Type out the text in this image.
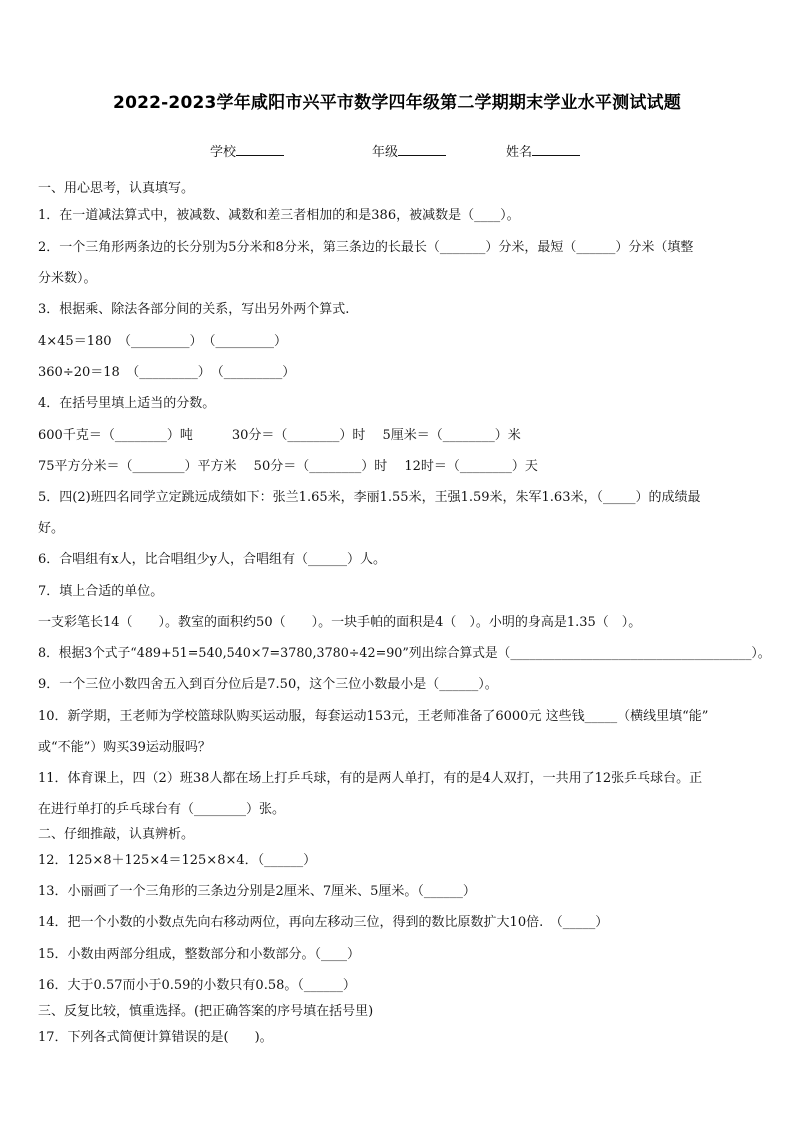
2022-2023学年咸阳市兴平市数学四年级第二学期期末学业水平测试试题
学校	年级	姓名
一、用心思考，认真填写。
1．在一道减法算式中，被减数、减数和差三者相加的和是386，被减数是（____）。
2．一个三角形两条边的长分别为5分米和8分米，第三条边的长最长（_______）分米，最短（______）分米（填整
分米数）。
3．根据乘、除法各部分间的关系，写出另外两个算式.
4×45＝180　（_________）　（_________）
360÷20＝18　（_________）　（_________）
4．在括号里填上适当的分数。
600千克＝（________）吨　　　30分＝（________）时　 5厘米＝（________）米
75平方分米＝（________）平方米　 50分＝（________）时　 12时＝（________）天
5．四(2)班四名同学立定跳远成绩如下：张兰1.65米，李丽1.55米，王强1.59米，朱军1.63米，（_____）的成绩最
好。
6．合唱组有x人，比合唱组少y人，合唱组有（______）人。
7．填上合适的单位。
一支彩笔长14（　　）。教室的面积约50（　　）。一块手帕的面积是4（　）。小明的身高是1.35（　）。
8．根据3个式子“489+51=540,540×7=3780,3780÷42=90”列出综合算式是（______________________________________）。
9．一个三位小数四舍五入到百分位后是7.50，这个三位小数最小是（______）。
10．新学期，王老师为学校篮球队购买运动服，每套运动153元，王老师准备了6000元 这些钱_____（横线里填“能”
或“不能”）购买39运动服吗？
11．体育课上，四（2）班38人都在场上打乒乓球，有的是两人单打，有的是4人双打，一共用了12张乒乓球台。正
在进行单打的乒乓球台有（________）张。
二、仔细推敲，认真辨析。
12．125×8＋125×4＝125×8×4．（______）
13．小丽画了一个三角形的三条边分别是2厘米、7厘米、5厘米。（______）
14．把一个小数的小数点先向右移动两位，再向左移动三位，得到的数比原数扩大10倍.　（_____）
15．小数由两部分组成，整数部分和小数部分。（____）
16．大于0.57而小于0.59的小数只有0.58。（______）
三、反复比较，慎重选择。(把正确答案的序号填在括号里)
17．下列各式简便计算错误的是(　　)。
